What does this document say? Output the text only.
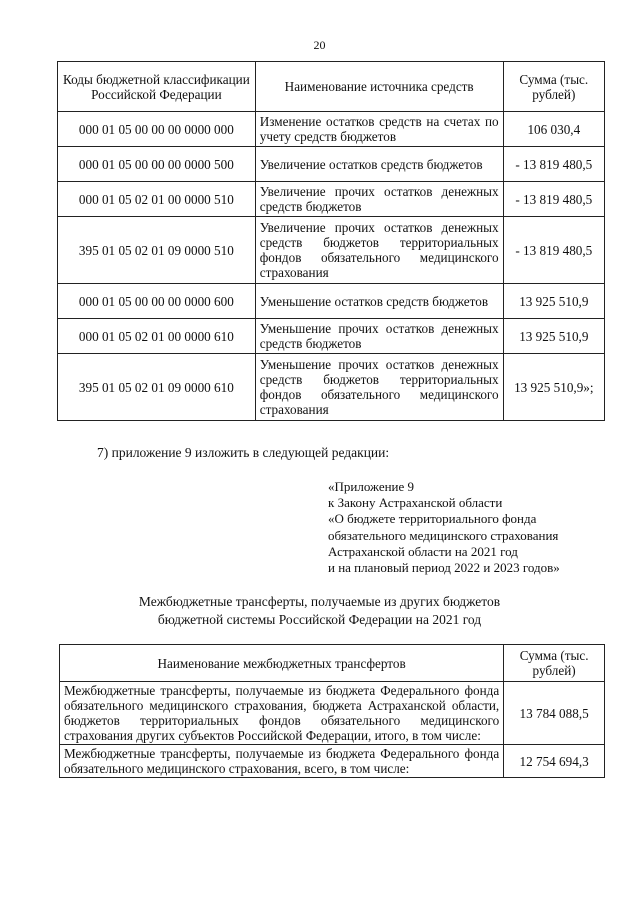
20
Коды бюджетной классификации Российской Федерации	Наименование источника средств	Сумма (тыс. рублей)
000 01 05 00 00 00 0000 000	Изменение остатков средств на счетах по учету средств бюджетов	106 030,4
000 01 05 00 00 00 0000 500	Увеличение остатков средств бюджетов	- 13 819 480,5
000 01 05 02 01 00 0000 510	Увеличение прочих остатков денежных средств бюджетов	- 13 819 480,5
395 01 05 02 01 09 0000 510	Увеличение прочих остатков денежных средств бюджетов территориальных фондов обязательного медицинского страхования	- 13 819 480,5
000 01 05 00 00 00 0000 600	Уменьшение остатков средств бюджетов	13 925 510,9
000 01 05 02 01 00 0000 610	Уменьшение прочих остатков денежных средств бюджетов	13 925 510,9
395 01 05 02 01 09 0000 610	Уменьшение прочих остатков денежных средств бюджетов территориальных фондов обязательного медицинского страхования	13 925 510,9»;
7) приложение 9 изложить в следующей редакции:
«Приложение 9
к Закону Астраханской области
«О бюджете территориального фонда
обязательного медицинского страхования
Астраханской области на 2021 год
и на плановый период 2022 и 2023 годов»
Межбюджетные трансферты, получаемые из других бюджетов
бюджетной системы Российской Федерации на 2021 год
Наименование межбюджетных трансфертов	Сумма (тыс. рублей)
Межбюджетные трансферты, получаемые из бюджета Федерального фонда обязательного медицинского страхования, бюджета Астраханской области, бюджетов территориальных фондов обязательного медицинского страхования других субъектов Российской Федерации, итого, в том числе:	13 784 088,5
Межбюджетные трансферты, получаемые из бюджета Федерального фонда обязательного медицинского страхования, всего, в том числе:	12 754 694,3
